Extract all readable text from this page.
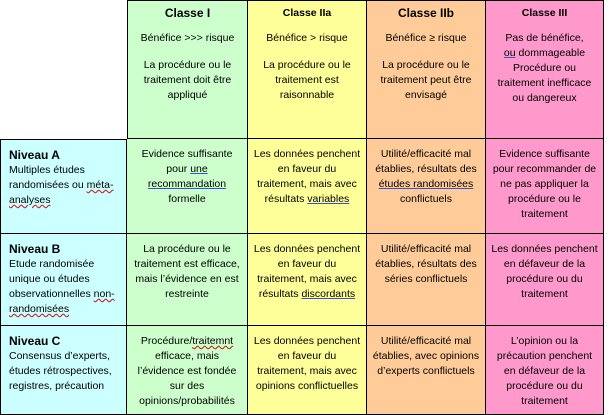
Classe I
Bénéfice >>> risque
La procédure ou le traitement doit être appliqué
Classe IIa
Bénéfice > risque
La procédure ou le traitement est raisonnable
Classe IIb
Bénéfice ≥ risque
La procédure ou le traitement peut être envisagé
Classe III
Pas de bénéfice,
ou dommageable
Procédure ou traitement inefficace ou dangereux
Niveau A
Multiples études randomisées ou méta-analyses
Evidence suffisante pour une recommandation formelle
Les données penchent en faveur du traitement, mais avec résultats variables
Utilité/efficacité mal établies, résultats des études randomisées conflictuels
Evidence suffisante pour recommander de ne pas appliquer la procédure ou le traitement
Niveau B
Etude randomisée unique ou études observationnelles non-randomisées
La procédure ou le traitement est efficace, mais l’évidence en est restreinte
Les données penchent en faveur du traitement, mais avec résultats discordants
Utilité/efficacité mal établies, résultats des séries conflictuels
Les données penchent en défaveur de la procédure ou du traitement
Niveau C
Consensus d’experts, études rétrospectives, registres, précaution
Procédure/traitemnt efficace, mais l’évidence est fondée sur des opinions/probabilités
Les données penchent en faveur du traitement, mais avec opinions conflictuelles
Utilité/efficacité mal établies, avec opinions d’experts conflictuels
L’opinion ou la précaution penchent en défaveur de la procédure ou du traitement
